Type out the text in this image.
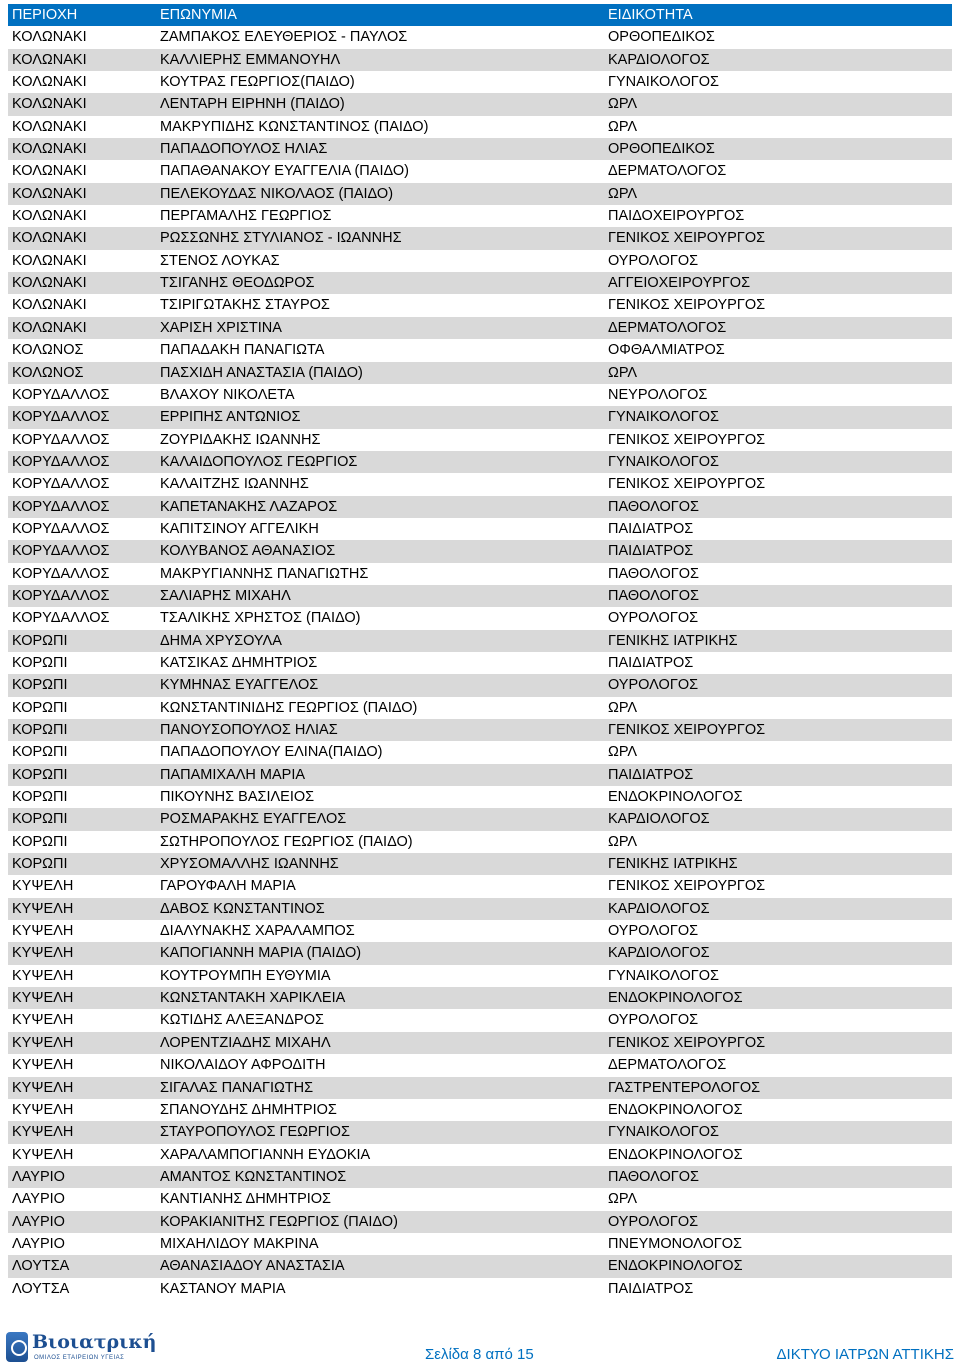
ΠΕΡΙΟΧΗ	ΕΠΩΝΥΜΙΑ	ΕΙΔΙΚΟΤΗΤΑ
ΚΟΛΩΝΑΚΙ	ΖΑΜΠΑΚΟΣ ΕΛΕΥΘΕΡΙΟΣ - ΠΑΥΛΟΣ	ΟΡΘΟΠΕΔΙΚΟΣ
ΚΟΛΩΝΑΚΙ	ΚΑΛΛΙΕΡΗΣ ΕΜΜΑΝΟΥΗΛ	ΚΑΡΔΙΟΛΟΓΟΣ
ΚΟΛΩΝΑΚΙ	ΚΟΥΤΡΑΣ ΓΕΩΡΓΙΟΣ(ΠΑΙΔΟ)	ΓΥΝΑΙΚΟΛΟΓΟΣ
ΚΟΛΩΝΑΚΙ	ΛΕΝΤΑΡΗ ΕΙΡΗΝΗ (ΠΑΙΔΟ)	ΩΡΛ
ΚΟΛΩΝΑΚΙ	ΜΑΚΡΥΠΙΔΗΣ ΚΩΝΣΤΑΝΤΙΝΟΣ (ΠΑΙΔΟ)	ΩΡΛ
ΚΟΛΩΝΑΚΙ	ΠΑΠΑΔΟΠΟΥΛΟΣ ΗΛΙΑΣ	ΟΡΘΟΠΕΔΙΚΟΣ
ΚΟΛΩΝΑΚΙ	ΠΑΠΑΘΑΝΑΚΟΥ ΕΥΑΓΓΕΛΙΑ (ΠΑΙΔΟ)	ΔΕΡΜΑΤΟΛΟΓΟΣ
ΚΟΛΩΝΑΚΙ	ΠΕΛΕΚΟΥΔΑΣ ΝΙΚΟΛΑΟΣ (ΠΑΙΔΟ)	ΩΡΛ
ΚΟΛΩΝΑΚΙ	ΠΕΡΓΑΜΑΛΗΣ ΓΕΩΡΓΙΟΣ	ΠΑΙΔΟΧΕΙΡΟΥΡΓΟΣ
ΚΟΛΩΝΑΚΙ	ΡΩΣΣΩΝΗΣ ΣΤΥΛΙΑΝΟΣ - ΙΩΑΝΝΗΣ	ΓΕΝΙΚΟΣ ΧΕΙΡΟΥΡΓΟΣ
ΚΟΛΩΝΑΚΙ	ΣΤΕΝΟΣ ΛΟΥΚΑΣ	ΟΥΡΟΛΟΓΟΣ
ΚΟΛΩΝΑΚΙ	ΤΣΙΓΑΝΗΣ ΘΕΟΔΩΡΟΣ	ΑΓΓΕΙΟΧΕΙΡΟΥΡΓΟΣ
ΚΟΛΩΝΑΚΙ	ΤΣΙΡΙΓΩΤΑΚΗΣ ΣΤΑΥΡΟΣ	ΓΕΝΙΚΟΣ ΧΕΙΡΟΥΡΓΟΣ
ΚΟΛΩΝΑΚΙ	ΧΑΡΙΣΗ ΧΡΙΣΤΙΝΑ	ΔΕΡΜΑΤΟΛΟΓΟΣ
ΚΟΛΩΝΟΣ	ΠΑΠΑΔΑΚΗ ΠΑΝΑΓΙΩΤΑ	ΟΦΘΑΛΜΙΑΤΡΟΣ
ΚΟΛΩΝΟΣ	ΠΑΣΧΙΔΗ ΑΝΑΣΤΑΣΙΑ (ΠΑΙΔΟ)	ΩΡΛ
ΚΟΡΥΔΑΛΛΟΣ	ΒΛΑΧΟΥ ΝΙΚΟΛΕΤΑ	ΝΕΥΡΟΛΟΓΟΣ
ΚΟΡΥΔΑΛΛΟΣ	ΕΡΡΙΠΗΣ ΑΝΤΩΝΙΟΣ	ΓΥΝΑΙΚΟΛΟΓΟΣ
ΚΟΡΥΔΑΛΛΟΣ	ΖΟΥΡΙΔΑΚΗΣ ΙΩΑΝΝΗΣ	ΓΕΝΙΚΟΣ ΧΕΙΡΟΥΡΓΟΣ
ΚΟΡΥΔΑΛΛΟΣ	ΚΑΛΑΙΔΟΠΟΥΛΟΣ ΓΕΩΡΓΙΟΣ	ΓΥΝΑΙΚΟΛΟΓΟΣ
ΚΟΡΥΔΑΛΛΟΣ	ΚΑΛΑΙΤΖΗΣ ΙΩΑΝΝΗΣ	ΓΕΝΙΚΟΣ ΧΕΙΡΟΥΡΓΟΣ
ΚΟΡΥΔΑΛΛΟΣ	ΚΑΠΕΤΑΝΑΚΗΣ ΛΑΖΑΡΟΣ	ΠΑΘΟΛΟΓΟΣ
ΚΟΡΥΔΑΛΛΟΣ	ΚΑΠΙΤΣΙΝΟΥ ΑΓΓΕΛΙΚΗ	ΠΑΙΔΙΑΤΡΟΣ
ΚΟΡΥΔΑΛΛΟΣ	ΚΟΛΥΒΑΝΟΣ ΑΘΑΝΑΣΙΟΣ	ΠΑΙΔΙΑΤΡΟΣ
ΚΟΡΥΔΑΛΛΟΣ	ΜΑΚΡΥΓΙΑΝΝΗΣ ΠΑΝΑΓΙΩΤΗΣ	ΠΑΘΟΛΟΓΟΣ
ΚΟΡΥΔΑΛΛΟΣ	ΣΑΛΙΑΡΗΣ ΜΙΧΑΗΛ	ΠΑΘΟΛΟΓΟΣ
ΚΟΡΥΔΑΛΛΟΣ	ΤΣΑΛΙΚΗΣ ΧΡΗΣΤΟΣ (ΠΑΙΔΟ)	ΟΥΡΟΛΟΓΟΣ
ΚΟΡΩΠΙ	ΔΗΜΑ ΧΡΥΣΟΥΛΑ	ΓΕΝΙΚΗΣ ΙΑΤΡΙΚΗΣ
ΚΟΡΩΠΙ	ΚΑΤΣΙΚΑΣ ΔΗΜΗΤΡΙΟΣ	ΠΑΙΔΙΑΤΡΟΣ
ΚΟΡΩΠΙ	ΚΥΜΗΝΑΣ ΕΥΑΓΓΕΛΟΣ	ΟΥΡΟΛΟΓΟΣ
ΚΟΡΩΠΙ	ΚΩΝΣΤΑΝΤΙΝΙΔΗΣ ΓΕΩΡΓΙΟΣ (ΠΑΙΔΟ)	ΩΡΛ
ΚΟΡΩΠΙ	ΠΑΝΟΥΣΟΠΟΥΛΟΣ ΗΛΙΑΣ	ΓΕΝΙΚΟΣ ΧΕΙΡΟΥΡΓΟΣ
ΚΟΡΩΠΙ	ΠΑΠΑΔΟΠΟΥΛΟΥ ΕΛΙΝΑ(ΠΑΙΔΟ)	ΩΡΛ
ΚΟΡΩΠΙ	ΠΑΠΑΜΙΧΑΛΗ ΜΑΡΙΑ	ΠΑΙΔΙΑΤΡΟΣ
ΚΟΡΩΠΙ	ΠΙΚΟΥΝΗΣ ΒΑΣΙΛΕΙΟΣ	ΕΝΔΟΚΡΙΝΟΛΟΓΟΣ
ΚΟΡΩΠΙ	ΡΟΣΜΑΡΑΚΗΣ ΕΥΑΓΓΕΛΟΣ	ΚΑΡΔΙΟΛΟΓΟΣ
ΚΟΡΩΠΙ	ΣΩΤΗΡΟΠΟΥΛΟΣ ΓΕΩΡΓΙΟΣ (ΠΑΙΔΟ)	ΩΡΛ
ΚΟΡΩΠΙ	ΧΡΥΣΟΜΑΛΛΗΣ ΙΩΑΝΝΗΣ	ΓΕΝΙΚΗΣ ΙΑΤΡΙΚΗΣ
ΚΥΨΕΛΗ	ΓΑΡΟΥΦΑΛΗ ΜΑΡΙΑ	ΓΕΝΙΚΟΣ ΧΕΙΡΟΥΡΓΟΣ
ΚΥΨΕΛΗ	ΔΑΒΟΣ ΚΩΝΣΤΑΝΤΙΝΟΣ	ΚΑΡΔΙΟΛΟΓΟΣ
ΚΥΨΕΛΗ	ΔΙΑΛΥΝΑΚΗΣ ΧΑΡΑΛΑΜΠΟΣ	ΟΥΡΟΛΟΓΟΣ
ΚΥΨΕΛΗ	ΚΑΠΟΓΙΑΝΝΗ ΜΑΡΙΑ (ΠΑΙΔΟ)	ΚΑΡΔΙΟΛΟΓΟΣ
ΚΥΨΕΛΗ	ΚΟΥΤΡΟΥΜΠΗ ΕΥΘΥΜΙΑ	ΓΥΝΑΙΚΟΛΟΓΟΣ
ΚΥΨΕΛΗ	ΚΩΝΣΤΑΝΤΑΚΗ ΧΑΡΙΚΛΕΙΑ	ΕΝΔΟΚΡΙΝΟΛΟΓΟΣ
ΚΥΨΕΛΗ	ΚΩΤΙΔΗΣ ΑΛΕΞΑΝΔΡΟΣ	ΟΥΡΟΛΟΓΟΣ
ΚΥΨΕΛΗ	ΛΟΡΕΝΤΖΙΑΔΗΣ ΜΙΧΑΗΛ	ΓΕΝΙΚΟΣ ΧΕΙΡΟΥΡΓΟΣ
ΚΥΨΕΛΗ	ΝΙΚΟΛΑΙΔΟΥ ΑΦΡΟΔΙΤΗ	ΔΕΡΜΑΤΟΛΟΓΟΣ
ΚΥΨΕΛΗ	ΣΙΓΑΛΑΣ ΠΑΝΑΓΙΩΤΗΣ	ΓΑΣΤΡΕΝΤΕΡΟΛΟΓΟΣ
ΚΥΨΕΛΗ	ΣΠΑΝΟΥΔΗΣ ΔΗΜΗΤΡΙΟΣ	ΕΝΔΟΚΡΙΝΟΛΟΓΟΣ
ΚΥΨΕΛΗ	ΣΤΑΥΡΟΠΟΥΛΟΣ ΓΕΩΡΓΙΟΣ	ΓΥΝΑΙΚΟΛΟΓΟΣ
ΚΥΨΕΛΗ	ΧΑΡΑΛΑΜΠΟΓΙΑΝΝΗ ΕΥΔΟΚΙΑ	ΕΝΔΟΚΡΙΝΟΛΟΓΟΣ
ΛΑΥΡΙΟ	ΑΜΑΝΤΟΣ ΚΩΝΣΤΑΝΤΙΝΟΣ	ΠΑΘΟΛΟΓΟΣ
ΛΑΥΡΙΟ	ΚΑΝΤΙΑΝΗΣ ΔΗΜΗΤΡΙΟΣ	ΩΡΛ
ΛΑΥΡΙΟ	ΚΟΡΑΚΙΑΝΙΤΗΣ ΓΕΩΡΓΙΟΣ (ΠΑΙΔΟ)	ΟΥΡΟΛΟΓΟΣ
ΛΑΥΡΙΟ	ΜΙΧΑΗΛΙΔΟΥ ΜΑΚΡΙΝΑ	ΠΝΕΥΜΟΝΟΛΟΓΟΣ
ΛΟΥΤΣΑ	ΑΘΑΝΑΣΙΑΔΟΥ ΑΝΑΣΤΑΣΙΑ	ΕΝΔΟΚΡΙΝΟΛΟΓΟΣ
ΛΟΥΤΣΑ	ΚΑΣΤΑΝΟΥ ΜΑΡΙΑ	ΠΑΙΔΙΑΤΡΟΣ
Βιοιατρική
ΟΜΙΛΟΣ ΕΤΑΙΡΕΙΩΝ ΥΓΕΙΑΣ	Σελίδα 8 από 15	ΔΙΚΤΥΟ ΙΑΤΡΩΝ ΑΤΤΙΚΗΣ
